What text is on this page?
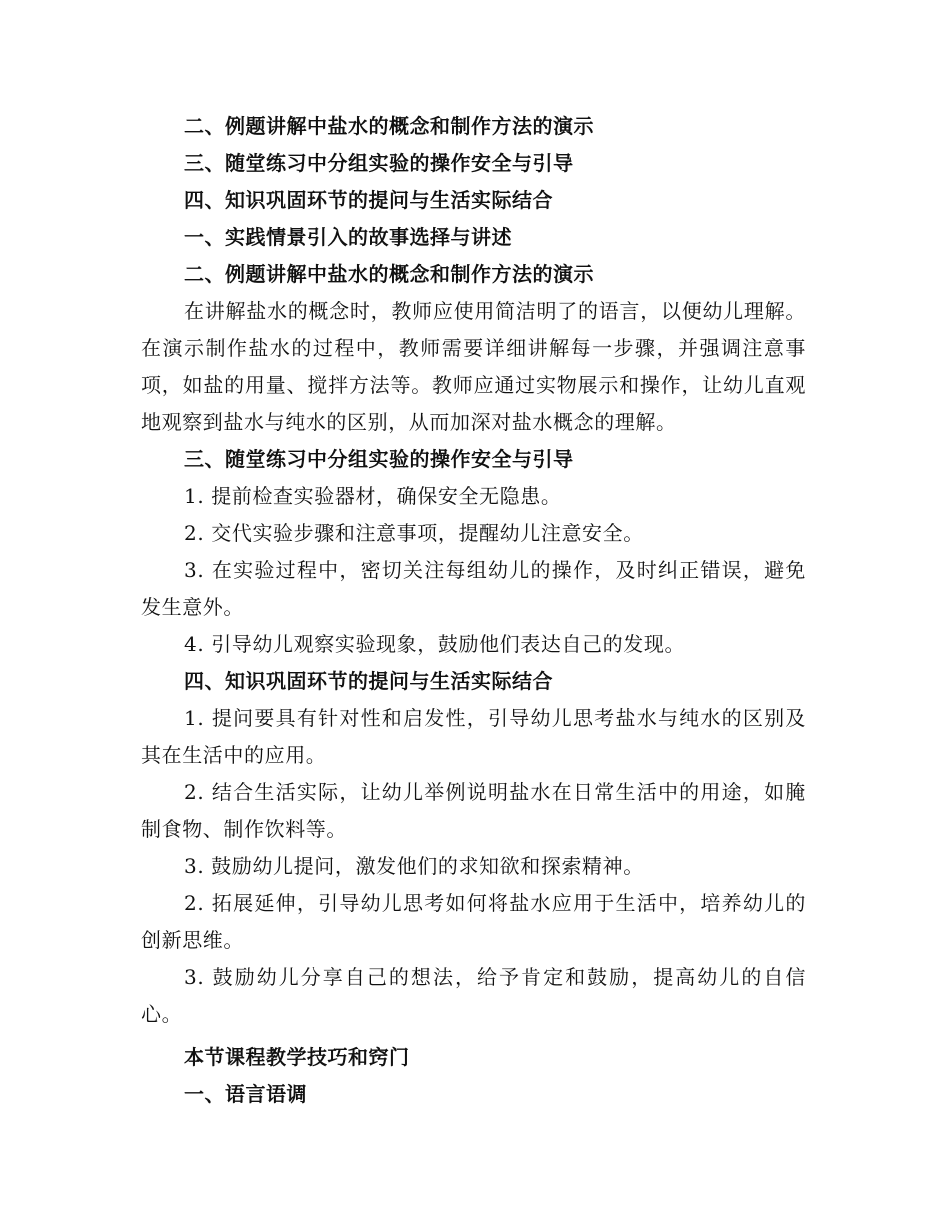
二、例题讲解中盐水的概念和制作方法的演示

三、随堂练习中分组实验的操作安全与引导

四、知识巩固环节的提问与生活实际结合

一、实践情景引入的故事选择与讲述

二、例题讲解中盐水的概念和制作方法的演示

在讲解盐水的概念时，教师应使用简洁明了的语言，以便幼儿理解。在演示制作盐水的过程中，教师需要详细讲解每一步骤，并强调注意事项，如盐的用量、搅拌方法等。教师应通过实物展示和操作，让幼儿直观地观察到盐水与纯水的区别，从而加深对盐水概念的理解。

三、随堂练习中分组实验的操作安全与引导

1. 提前检查实验器材，确保安全无隐患。

2. 交代实验步骤和注意事项，提醒幼儿注意安全。

3. 在实验过程中，密切关注每组幼儿的操作，及时纠正错误，避免发生意外。

4. 引导幼儿观察实验现象，鼓励他们表达自己的发现。

四、知识巩固环节的提问与生活实际结合

1. 提问要具有针对性和启发性，引导幼儿思考盐水与纯水的区别及其在生活中的应用。

2. 结合生活实际，让幼儿举例说明盐水在日常生活中的用途，如腌制食物、制作饮料等。

3. 鼓励幼儿提问，激发他们的求知欲和探索精神。

2. 拓展延伸，引导幼儿思考如何将盐水应用于生活中，培养幼儿的创新思维。

3. 鼓励幼儿分享自己的想法，给予肯定和鼓励，提高幼儿的自信心。

本节课程教学技巧和窍门

一、语言语调
